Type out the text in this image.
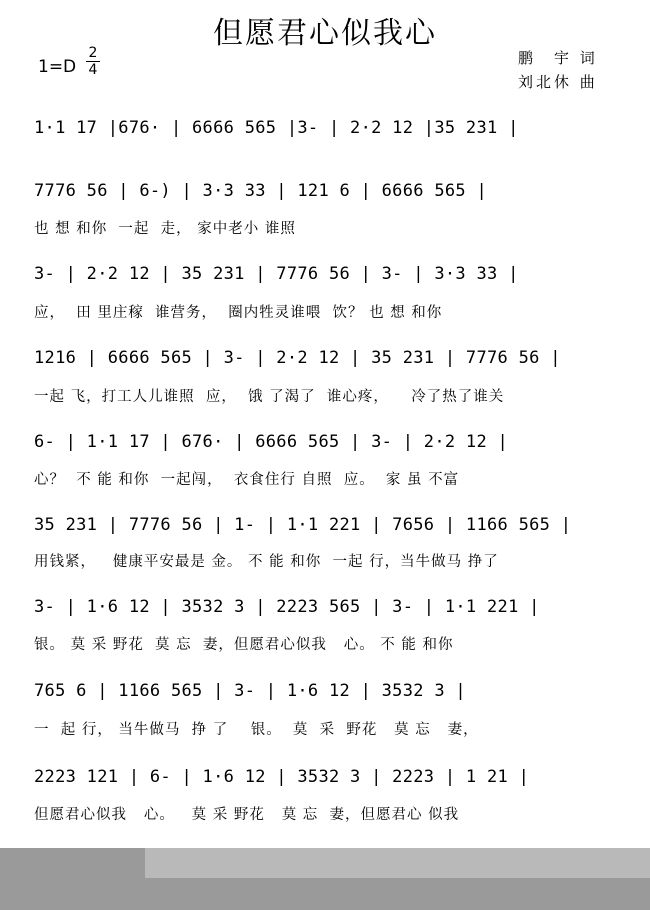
但愿君心似我心
1=D
2
4
鹏　宇 词
刘北休 曲
1·1 17 |676· | 6666 565 |3- | 2·2 12 |35 231 |
7776 56 | 6-) | 3·3 33 | 121 6 | 6666 565 |
也 想 和你  一起  走， 家中老小 谁照
3- | 2·2 12 | 35 231 | 7776 56 | 3- | 3·3 33 |
应，  田 里庄稼  谁营务，  圈内牲灵谁喂  饮？ 也 想 和你
1216 | 6666 565 | 3- | 2·2 12 | 35 231 | 7776 56 |
一起 飞，打工人儿谁照  应，  饿 了渴了  谁心疼，    冷了热了谁关
6- | 1·1 17 | 676· | 6666 565 | 3- | 2·2 12 |
心？  不 能 和你  一起闯，  衣食住行 自照  应。  家 虽 不富
35 231 | 7776 56 | 1- | 1·1 221 | 7656 | 1166 565 |
用钱紧，   健康平安最是 金。 不 能 和你  一起 行，当牛做马 挣了
3- | 1·6 12 | 3532 3 | 2223 565 | 3- | 1·1 221 |
银。 莫 采 野花  莫 忘  妻，但愿君心似我   心。 不 能 和你
765 6 | 1166 565 | 3- | 1·6 12 | 3532 3 |
一  起 行， 当牛做马  挣 了    银。  莫  采  野花   莫 忘   妻，
2223 121 | 6- | 1·6 12 | 3532 3 | 2223 | 1 21 |
但愿君心似我   心。   莫 采 野花   莫 忘  妻，但愿君心 似我
